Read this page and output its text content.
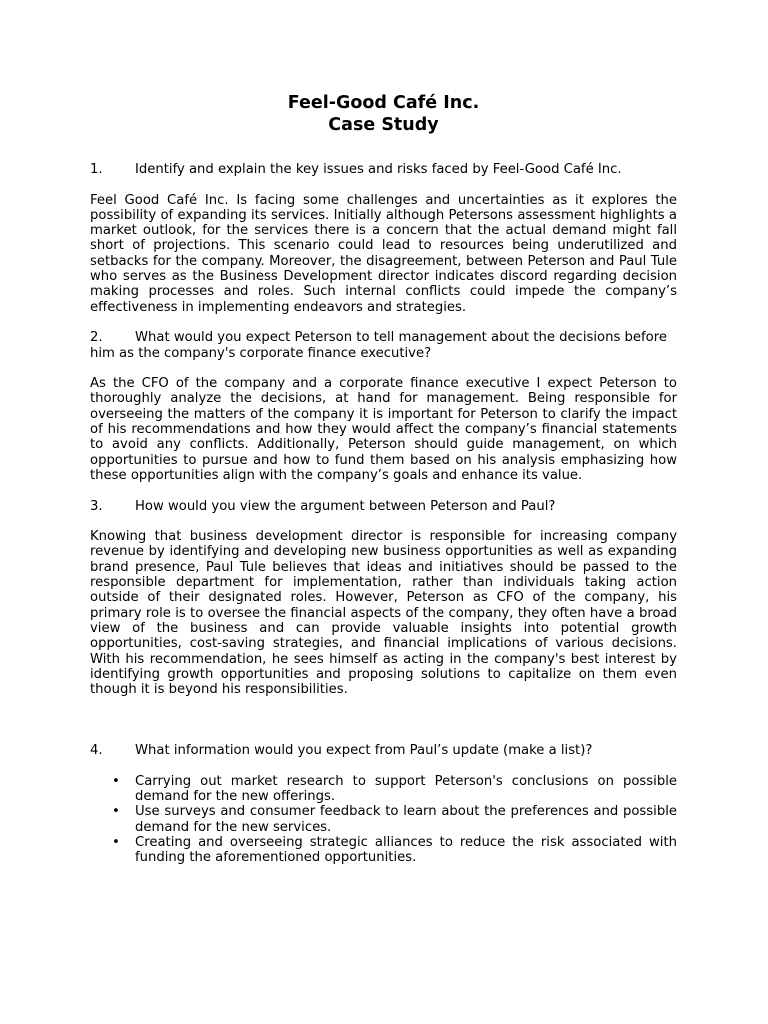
Feel-Good Café Inc.

Case Study

1. Identify and explain the key issues and risks faced by Feel-Good Café Inc.

Feel Good Café Inc. Is facing some challenges and uncertainties as it explores the possibility of expanding its services. Initially although Petersons assessment highlights a market outlook, for the services there is a concern that the actual demand might fall short of projections. This scenario could lead to resources being underutilized and setbacks for the company. Moreover, the disagreement, between Peterson and Paul Tule who serves as the Business Development director indicates discord regarding decision making processes and roles. Such internal conflicts could impede the company’s effectiveness in implementing endeavors and strategies.

2. What would you expect Peterson to tell management about the decisions before him as the company's corporate finance executive?

As the CFO of the company and a corporate finance executive I expect Peterson to thoroughly analyze the decisions, at hand for management. Being responsible for overseeing the matters of the company it is important for Peterson to clarify the impact of his recommendations and how they would affect the company’s financial statements to avoid any conflicts. Additionally, Peterson should guide management, on which opportunities to pursue and how to fund them based on his analysis emphasizing how these opportunities align with the company’s goals and enhance its value.

3. How would you view the argument between Peterson and Paul?

Knowing that business development director is responsible for increasing company revenue by identifying and developing new business opportunities as well as expanding brand presence, Paul Tule believes that ideas and initiatives should be passed to the responsible department for implementation, rather than individuals taking action outside of their designated roles. However, Peterson as CFO of the company, his primary role is to oversee the financial aspects of the company, they often have a broad view of the business and can provide valuable insights into potential growth opportunities, cost-saving strategies, and financial implications of various decisions. With his recommendation, he sees himself as acting in the company's best interest by identifying growth opportunities and proposing solutions to capitalize on them even though it is beyond his responsibilities.

4. What information would you expect from Paul’s update (make a list)?

• Carrying out market research to support Peterson's conclusions on possible demand for the new offerings.
• Use surveys and consumer feedback to learn about the preferences and possible demand for the new services.
• Creating and overseeing strategic alliances to reduce the risk associated with funding the aforementioned opportunities.
